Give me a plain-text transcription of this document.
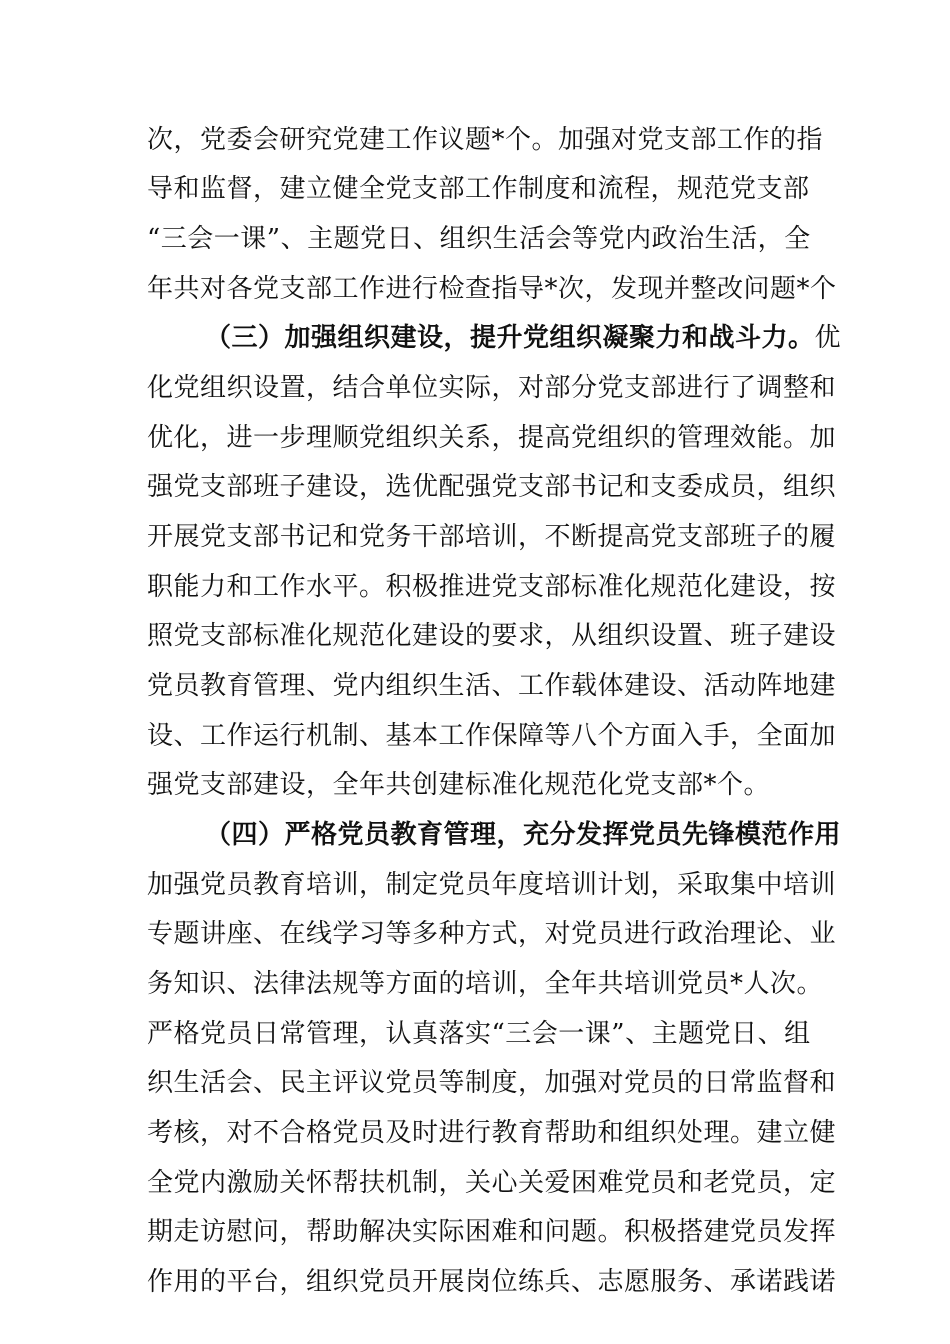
次，党委会研究党建工作议题*个。加强对党支部工作的指
导和监督，建立健全党支部工作制度和流程，规范党支部
“三会一课”、主题党日、组织生活会等党内政治生活，全
年共对各党支部工作进行检查指导*次，发现并整改问题*个
（三）加强组织建设，提升党组织凝聚力和战斗力。优
化党组织设置，结合单位实际，对部分党支部进行了调整和
优化，进一步理顺党组织关系，提高党组织的管理效能。加
强党支部班子建设，选优配强党支部书记和支委成员，组织
开展党支部书记和党务干部培训，不断提高党支部班子的履
职能力和工作水平。积极推进党支部标准化规范化建设，按
照党支部标准化规范化建设的要求，从组织设置、班子建设
党员教育管理、党内组织生活、工作载体建设、活动阵地建
设、工作运行机制、基本工作保障等八个方面入手，全面加
强党支部建设，全年共创建标准化规范化党支部*个。
（四）严格党员教育管理，充分发挥党员先锋模范作用
加强党员教育培训，制定党员年度培训计划，采取集中培训
专题讲座、在线学习等多种方式，对党员进行政治理论、业
务知识、法律法规等方面的培训，全年共培训党员*人次。
严格党员日常管理，认真落实“三会一课”、主题党日、组
织生活会、民主评议党员等制度，加强对党员的日常监督和
考核，对不合格党员及时进行教育帮助和组织处理。建立健
全党内激励关怀帮扶机制，关心关爱困难党员和老党员，定
期走访慰问，帮助解决实际困难和问题。积极搭建党员发挥
作用的平台，组织党员开展岗位练兵、志愿服务、承诺践诺
